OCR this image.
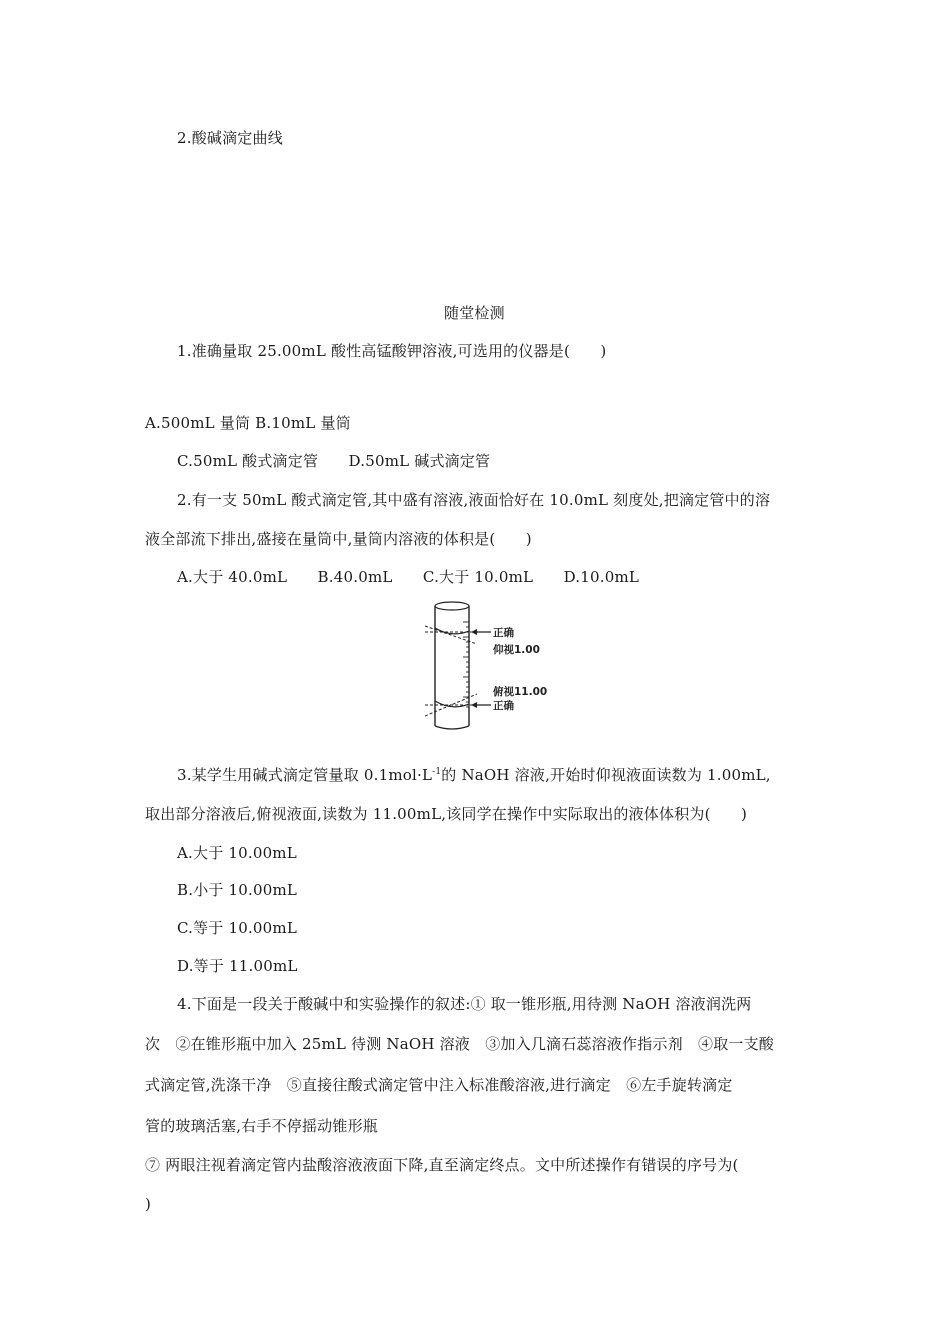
2.酸碱滴定曲线
随堂检测
1.准确量取 25.00mL 酸性高锰酸钾溶液,可选用的仪器是(　　)
A.500mL 量筒 B.10mL 量筒
C.50mL 酸式滴定管　　D.50mL 碱式滴定管
2.有一支 50mL 酸式滴定管,其中盛有溶液,液面恰好在 10.0mL 刻度处,把滴定管中的溶
液全部流下排出,盛接在量筒中,量筒内溶液的体积是(　　)
A.大于 40.0mL　　B.40.0mL　　C.大于 10.0mL　　D.10.0mL
正确
仰视1.00
俯视11.00
正确
3.某学生用碱式滴定管量取 $0.1mol\cdot L^{-1}$的 NaOH 溶液,开始时仰视液面读数为 1.00mL,
取出部分溶液后,俯视液面,读数为 11.00mL,该同学在操作中实际取出的液体体积为(　　)
A.大于 10.00mL
B.小于 10.00mL
C.等于 10.00mL
D.等于 11.00mL
4.下面是一段关于酸碱中和实验操作的叙述:① 取一锥形瓶,用待测 NaOH 溶液润洗两
次　②在锥形瓶中加入 25mL 待测 NaOH 溶液　③加入几滴石蕊溶液作指示剂　④取一支酸
式滴定管,洗涤干净　⑤直接往酸式滴定管中注入标准酸溶液,进行滴定　⑥左手旋转滴定
管的玻璃活塞,右手不停摇动锥形瓶
⑦ 两眼注视着滴定管内盐酸溶液液面下降,直至滴定终点。文中所述操作有错误的序号为(
)
